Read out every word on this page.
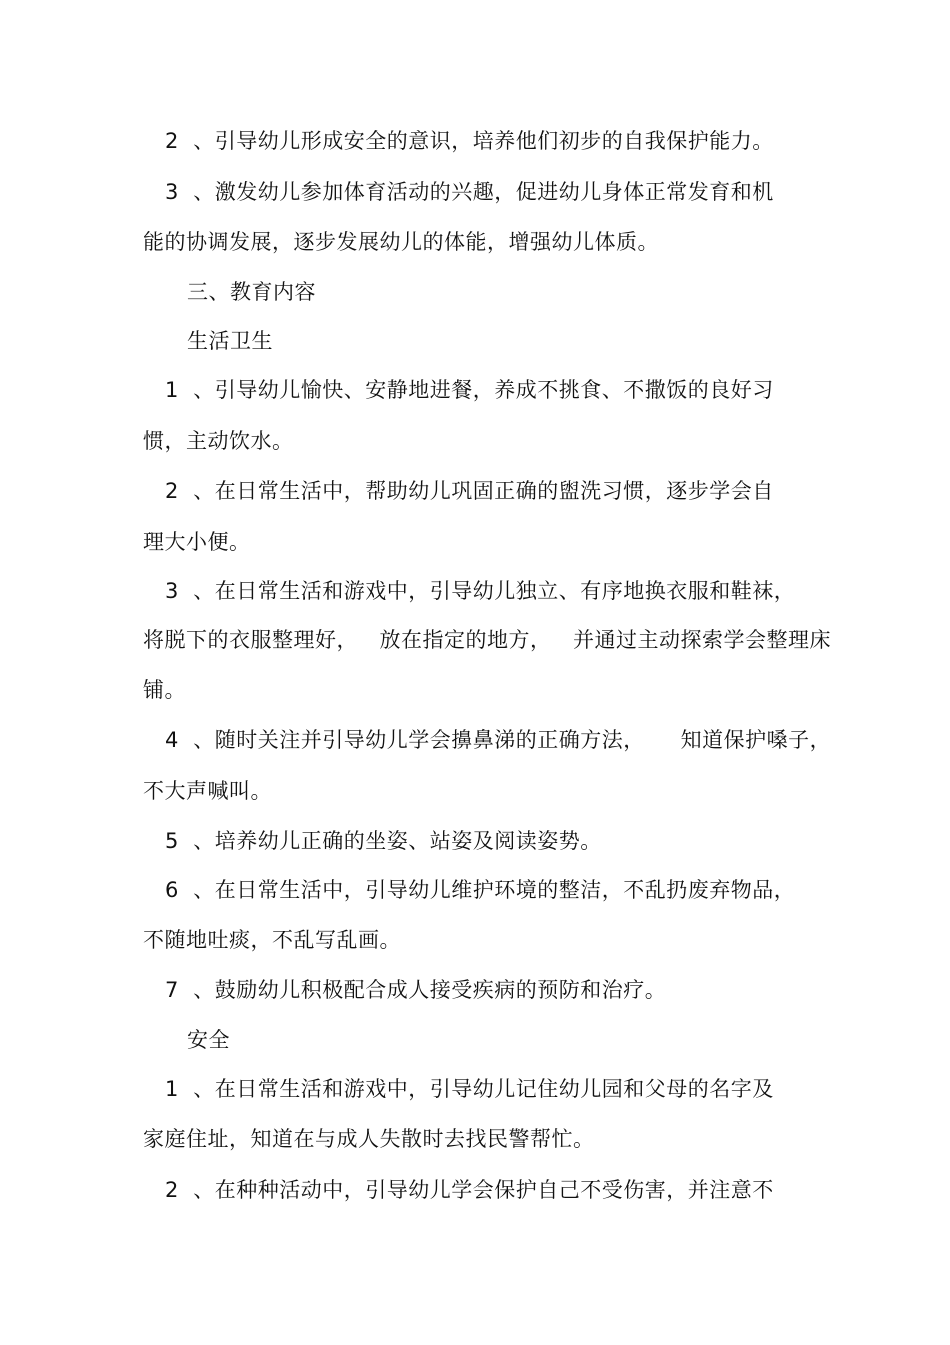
2  、引导幼儿形成安全的意识，培养他们初步的自我保护能力。
3  、激发幼儿参加体育活动的兴趣，促进幼儿身体正常发育和机
能的协调发展，逐步发展幼儿的体能，增强幼儿体质。
三、教育内容
生活卫生
1  、引导幼儿愉快、安静地进餐，养成不挑食、不撒饭的良好习
惯，主动饮水。
2  、在日常生活中，帮助幼儿巩固正确的盥洗习惯，逐步学会自
理大小便。
3  、在日常生活和游戏中，引导幼儿独立、有序地换衣服和鞋袜，
将脱下的衣服整理好，   放在指定的地方，   并通过主动探索学会整理床
铺。
4  、随时关注并引导幼儿学会擤鼻涕的正确方法，     知道保护嗓子，
不大声喊叫。
5  、培养幼儿正确的坐姿、站姿及阅读姿势。
6  、在日常生活中，引导幼儿维护环境的整洁，不乱扔废弃物品，
不随地吐痰，不乱写乱画。
7  、鼓励幼儿积极配合成人接受疾病的预防和治疗。
安全
1  、在日常生活和游戏中，引导幼儿记住幼儿园和父母的名字及
家庭住址，知道在与成人失散时去找民警帮忙。
2  、在种种活动中，引导幼儿学会保护自己不受伤害，并注意不
